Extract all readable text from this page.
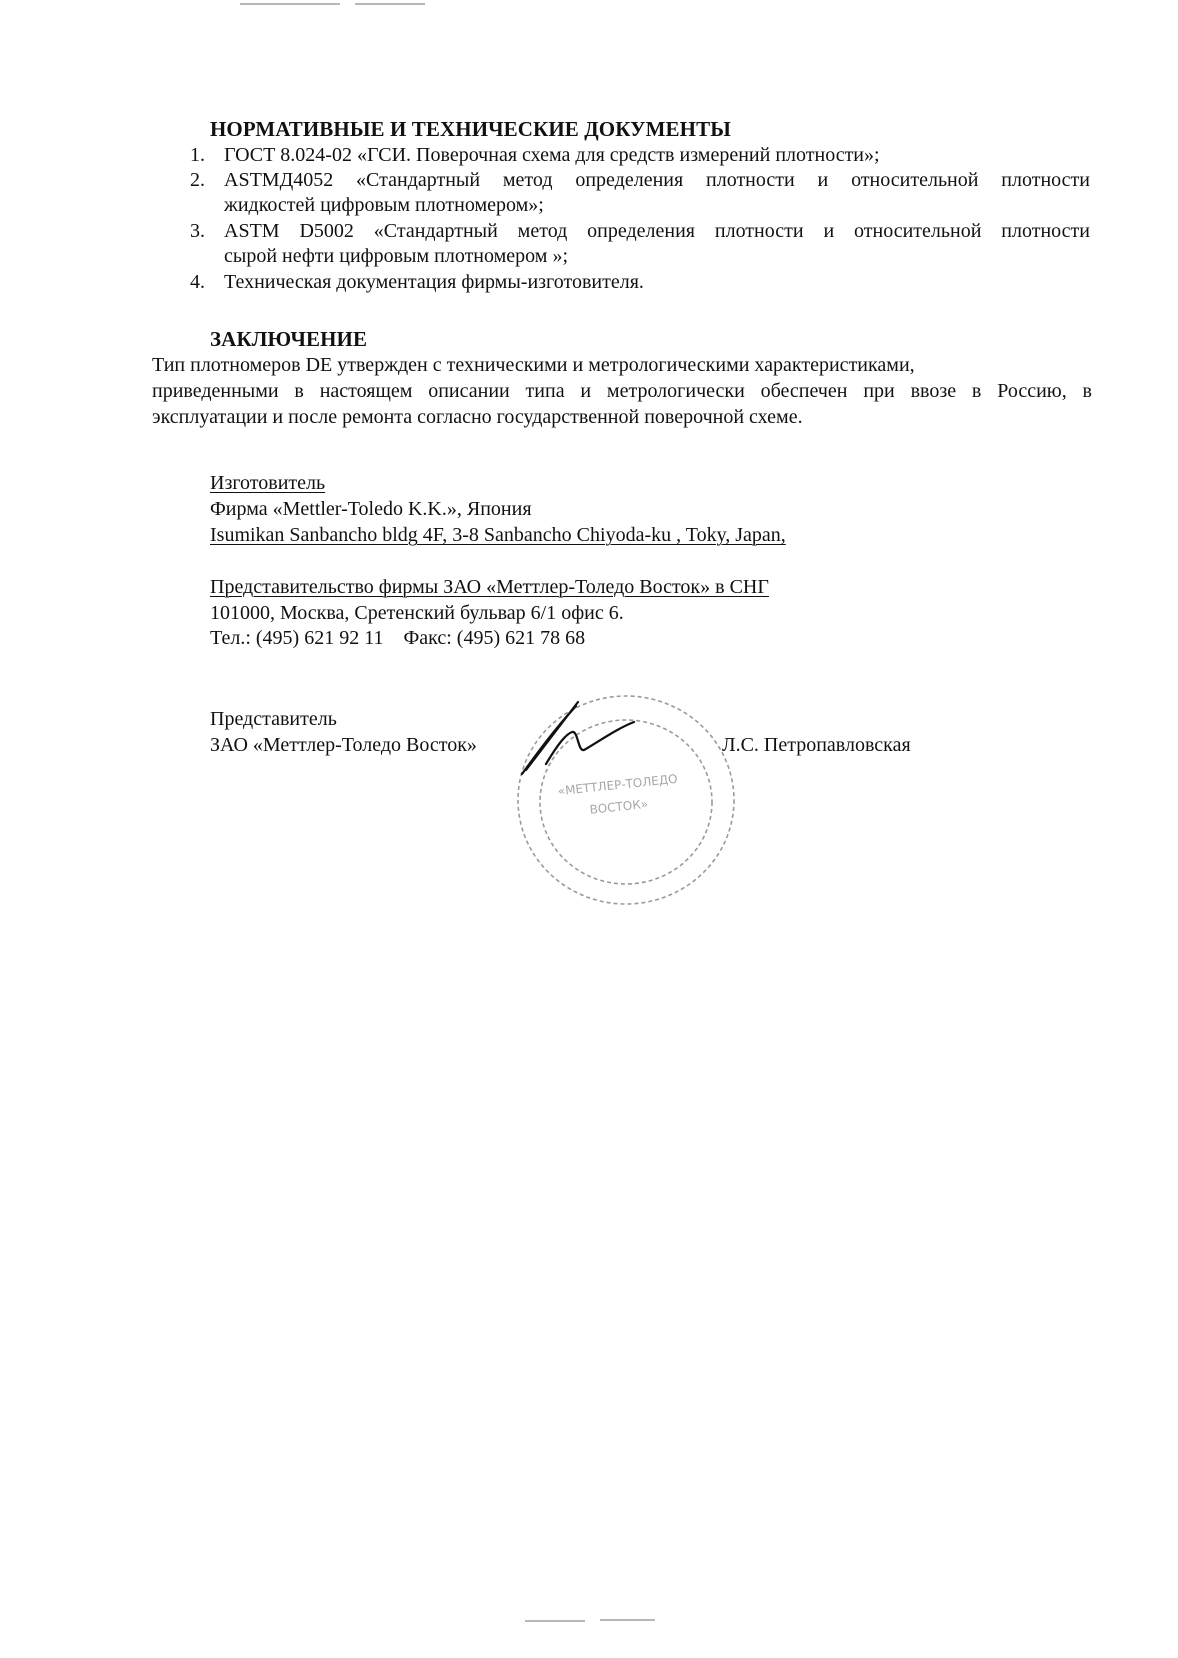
НОРМАТИВНЫЕ И ТЕХНИЧЕСКИЕ ДОКУМЕНТЫ
1. ГОСТ 8.024-02 «ГСИ. Поверочная схема для средств измерений плотности»;
2. ASTMД4052 «Стандартный метод определения плотности и относительной плотности
жидкостей цифровым плотномером»;
3. ASTM D5002 «Стандартный метод определения плотности и относительной плотности
сырой нефти цифровым плотномером »;
4. Техническая документация фирмы-изготовителя.
ЗАКЛЮЧЕНИЕ
Тип плотномеров DE утвержден с техническими и метрологическими характеристиками,
приведенными в настоящем описании типа и метрологически обеспечен при ввозе в Россию, в
эксплуатации и после ремонта согласно государственной поверочной схеме.
Изготовитель
Фирма «Mettler-Toledo K.K.», Япония
Isumikan Sanbancho bldg 4F, 3-8 Sanbancho Chiyoda-ku , Toky, Japan,
Представительство фирмы ЗАО «Меттлер-Толедо Восток» в СНГ
101000, Москва, Сретенский бульвар 6/1 офис 6.
Тел.: (495) 621 92 11    Факс: (495) 621 78 68
Представитель
ЗАО «Меттлер-Толедо Восток»	Л.С. Петропавловская
«МЕТТЛЕР-ТОЛЕДО
ВОСТОК»
